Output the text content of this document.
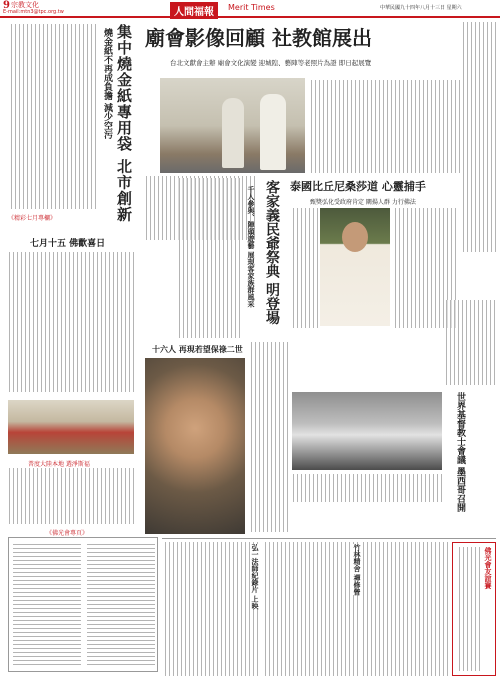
9 宗教文化
E-mail:mtn3@tpc.org.tw	人間福報	Merit Times	中華民國九十四年八月十三日 星期六
集中燒金紙專用袋 北市創新
燒金紙不再成負擔 減少空污
《精彩七月專欄》
七月十五 佛歡喜日
普度大陸本地 選淨斯福
《佛光會專頁》
廟會影像回顧 社教館展出
台北文獻會主辦 廟會文化演變 迎城隍、藝陣等老照片為證 即日起展覽
客家義民爺祭典 明登場
千人參與、陣頭遊藝 展現客家族群風采	泰國比丘尼桑莎道 心靈捕手
甄獎弘化受政府肯定 闡揚人群 力行佛法
十六人 再現若望保祿二世
世界基督教士會議 墨西哥召開
弘一法師紀錄片 上映	竹林精舍 禪修營	佛光會友誼賽
